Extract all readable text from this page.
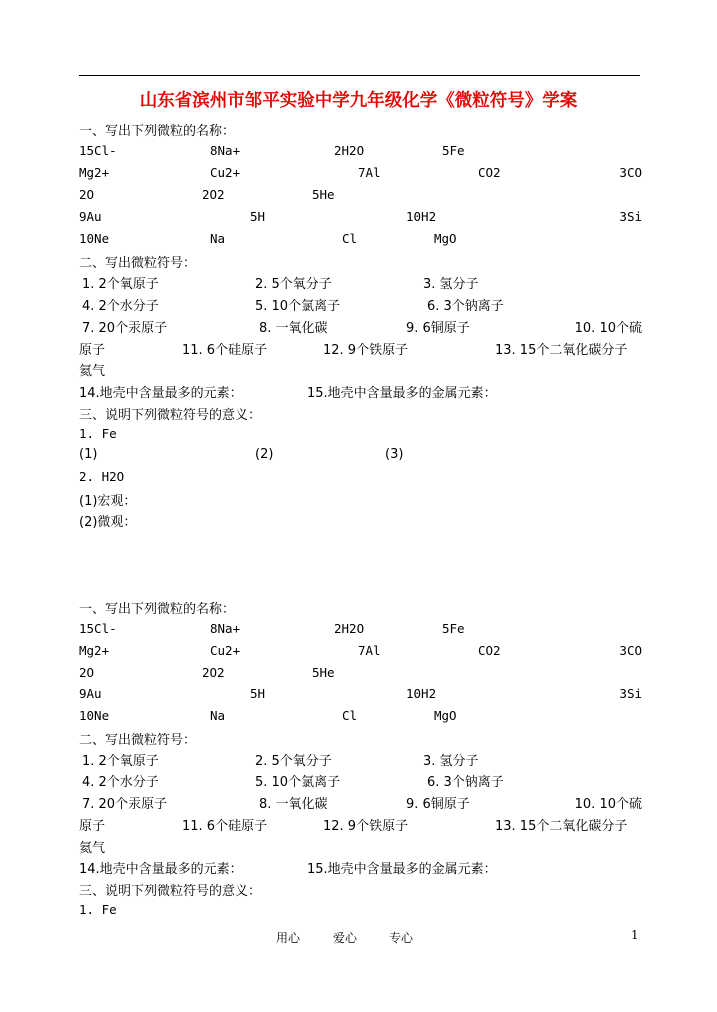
山东省滨州市邹平实验中学九年级化学《微粒符号》学案
一、写出下列微粒的名称：
15Cl-	8Na+	2H2O	5Fe
Mg2+	Cu2+	7Al	CO2	3CO
2O	2O2	5He
9Au	5H	10H2	3Si
10Ne	Na	Cl	MgO
二、写出微粒符号：
1. 2个氧原子	2. 5个氧分子	3. 氢分子
4. 2个水分子	5. 10个氯离子	6. 3个钠离子
7. 20个汞原子	8. 一氧化碳	9. 6铜原子	10. 10个硫
原子	11. 6个硅原子	12. 9个铁原子	13. 15个二氧化碳分子
氦气
14.地壳中含量最多的元素：	15.地壳中含量最多的金属元素：
三、说明下列微粒符号的意义：
1. Fe
(1)	(2)	(3)
2. H2O
(1)宏观：
(2)微观：
一、写出下列微粒的名称：
15Cl-	8Na+	2H2O	5Fe
Mg2+	Cu2+	7Al	CO2	3CO
2O	2O2	5He
9Au	5H	10H2	3Si
10Ne	Na	Cl	MgO
二、写出微粒符号：
1. 2个氧原子	2. 5个氧分子	3. 氢分子
4. 2个水分子	5. 10个氯离子	6. 3个钠离子
7. 20个汞原子	8. 一氧化碳	9. 6铜原子	10. 10个硫
原子	11. 6个硅原子	12. 9个铁原子	13. 15个二氧化碳分子
氦气
14.地壳中含量最多的元素：	15.地壳中含量最多的金属元素：
三、说明下列微粒符号的意义：
1. Fe
用心	爱心	专心	1
